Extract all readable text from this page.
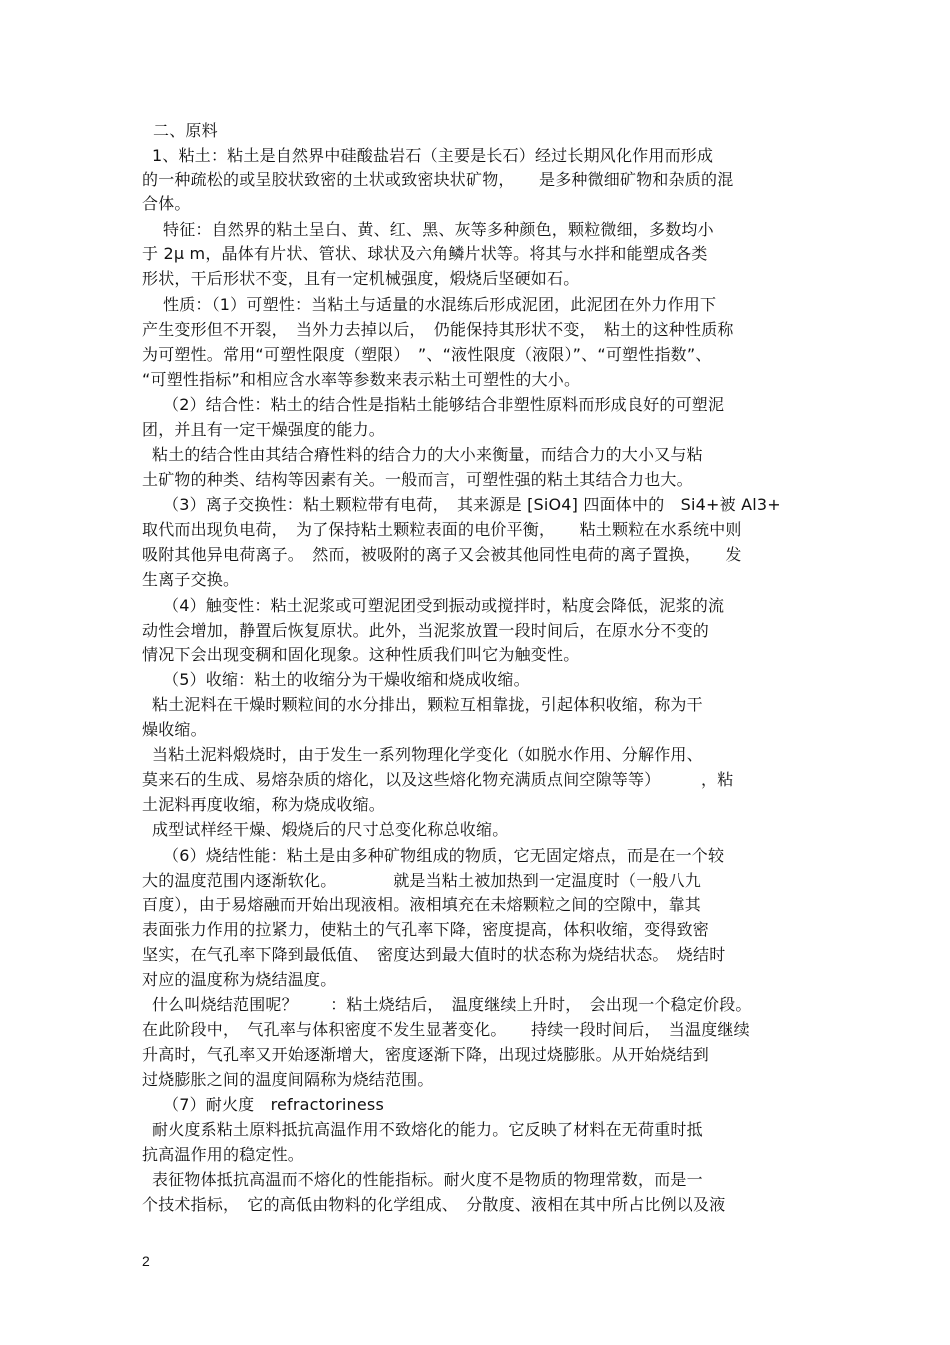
二、原料
1、粘土：粘土是自然界中硅酸盐岩石（主要是长石）经过长期风化作用而形成
的一种疏松的或呈胶状致密的土状或致密块状矿物，　　是多种微细矿物和杂质的混
合体。
特征：自然界的粘土呈白、黄、红、黑、灰等多种颜色，颗粒微细，多数均小
于 2μ m，晶体有片状、管状、球状及六角鳞片状等。将其与水拌和能塑成各类
形状，干后形状不变，且有一定机械强度，煅烧后坚硬如石。
性质：（1）可塑性：当粘土与适量的水混练后形成泥团，此泥团在外力作用下
产生变形但不开裂，　当外力去掉以后，　仍能保持其形状不变，　粘土的这种性质称
为可塑性。常用“可塑性限度（塑限）　”、“液性限度（液限）”、“可塑性指数”、
“可塑性指标”和相应含水率等参数来表示粘土可塑性的大小。
（2）结合性：粘土的结合性是指粘土能够结合非塑性原料而形成良好的可塑泥
团，并且有一定干燥强度的能力。
粘土的结合性由其结合瘠性料的结合力的大小来衡量，而结合力的大小又与粘
土矿物的种类、结构等因素有关。一般而言，可塑性强的粘土其结合力也大。
（3）离子交换性：粘土颗粒带有电荷，　其来源是 [SiO4] 四面体中的　Si4+被 Al3+
取代而出现负电荷，　为了保持粘土颗粒表面的电价平衡，　　粘土颗粒在水系统中则
吸附其他异电荷离子。　然而，被吸附的离子又会被其他同性电荷的离子置换，　　发
生离子交换。
（4）触变性：粘土泥浆或可塑泥团受到振动或搅拌时，粘度会降低，泥浆的流
动性会增加，静置后恢复原状。此外，当泥浆放置一段时间后，在原水分不变的
情况下会出现变稠和固化现象。这种性质我们叫它为触变性。
（5）收缩：粘土的收缩分为干燥收缩和烧成收缩。
粘土泥料在干燥时颗粒间的水分排出，颗粒互相靠拢，引起体积收缩，称为干
燥收缩。
当粘土泥料煅烧时，由于发生一系列物理化学变化（如脱水作用、分解作用、
莫来石的生成、易熔杂质的熔化，以及这些熔化物充满质点间空隙等等）　　　，粘
土泥料再度收缩，称为烧成收缩。
成型试样经干燥、煅烧后的尺寸总变化称总收缩。
（6）烧结性能：粘土是由多种矿物组成的物质，它无固定熔点，而是在一个较
大的温度范围内逐渐软化。　　　　就是当粘土被加热到一定温度时（一般八九
百度），由于易熔融而开始出现液相。液相填充在未熔颗粒之间的空隙中，靠其
表面张力作用的拉紧力，使粘土的气孔率下降，密度提高，体积收缩，变得致密
坚实，在气孔率下降到最低值、　密度达到最大值时的状态称为烧结状态。　烧结时
对应的温度称为烧结温度。
什么叫烧结范围呢？　　：粘土烧结后，　温度继续上升时，　会出现一个稳定价段。
在此阶段中，　气孔率与体积密度不发生显著变化。　　持续一段时间后，　当温度继续
升高时，气孔率又开始逐渐增大，密度逐渐下降，出现过烧膨胀。从开始烧结到
过烧膨胀之间的温度间隔称为烧结范围。
（7）耐火度　refractoriness
耐火度系粘土原料抵抗高温作用不致熔化的能力。它反映了材料在无荷重时抵
抗高温作用的稳定性。
表征物体抵抗高温而不熔化的性能指标。耐火度不是物质的物理常数，而是一
个技术指标，　它的高低由物料的化学组成、　分散度、液相在其中所占比例以及液
2
